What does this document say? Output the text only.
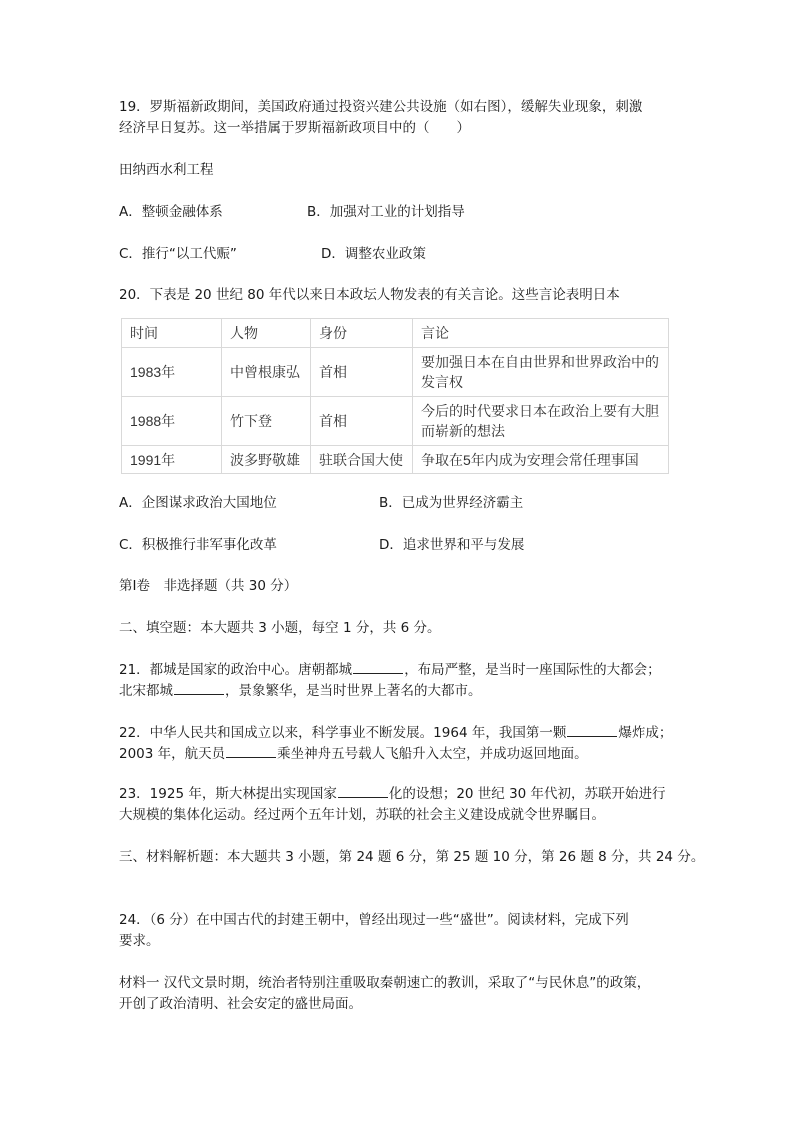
19．罗斯福新政期间，美国政府通过投资兴建公共设施（如右图），缓解失业现象，刺激
经济早日复苏。这一举措属于罗斯福新政项目中的（　　）
田纳西水利工程
A．整顿金融体系	B．加强对工业的计划指导
C．推行“以工代赈”	D．调整农业政策
20．下表是 20 世纪 80 年代以来日本政坛人物发表的有关言论。这些言论表明日本
时间	人物	身份	言论
1983年	中曾根康弘	首相	要加强日本在自由世界和世界政治中的发言权
1988年	竹下登	首相	今后的时代要求日本在政治上要有大胆而崭新的想法
1991年	波多野敬雄	驻联合国大使	争取在5年内成为安理会常任理事国
A．企图谋求政治大国地位	B．已成为世界经济霸主
C．积极推行非军事化改革	D．追求世界和平与发展
第Ⅰ卷　非选择题（共 30 分）
二、填空题：本大题共 3 小题，每空 1 分，共 6 分。
21．都城是国家的政治中心。唐朝都城	，布局严整，是当时一座国际性的大都会；
北宋都城	，景象繁华，是当时世界上著名的大都市。
22．中华人民共和国成立以来，科学事业不断发展。1964 年，我国第一颗	爆炸成；
2003 年，航天员	乘坐神舟五号载人飞船升入太空，并成功返回地面。
23．1925 年，斯大林提出实现国家	化的设想；20 世纪 30 年代初，苏联开始进行
大规模的集体化运动。经过两个五年计划，苏联的社会主义建设成就令世界瞩目。
三、材料解析题：本大题共 3 小题，第 24 题 6 分，第 25 题 10 分，第 26 题 8 分，共 24 分。
24．（6 分）在中国古代的封建王朝中，曾经出现过一些“盛世”。阅读材料，完成下列
要求。
材料一 汉代文景时期，统治者特别注重吸取秦朝速亡的教训，采取了“与民休息”的政策，
开创了政治清明、社会安定的盛世局面。
